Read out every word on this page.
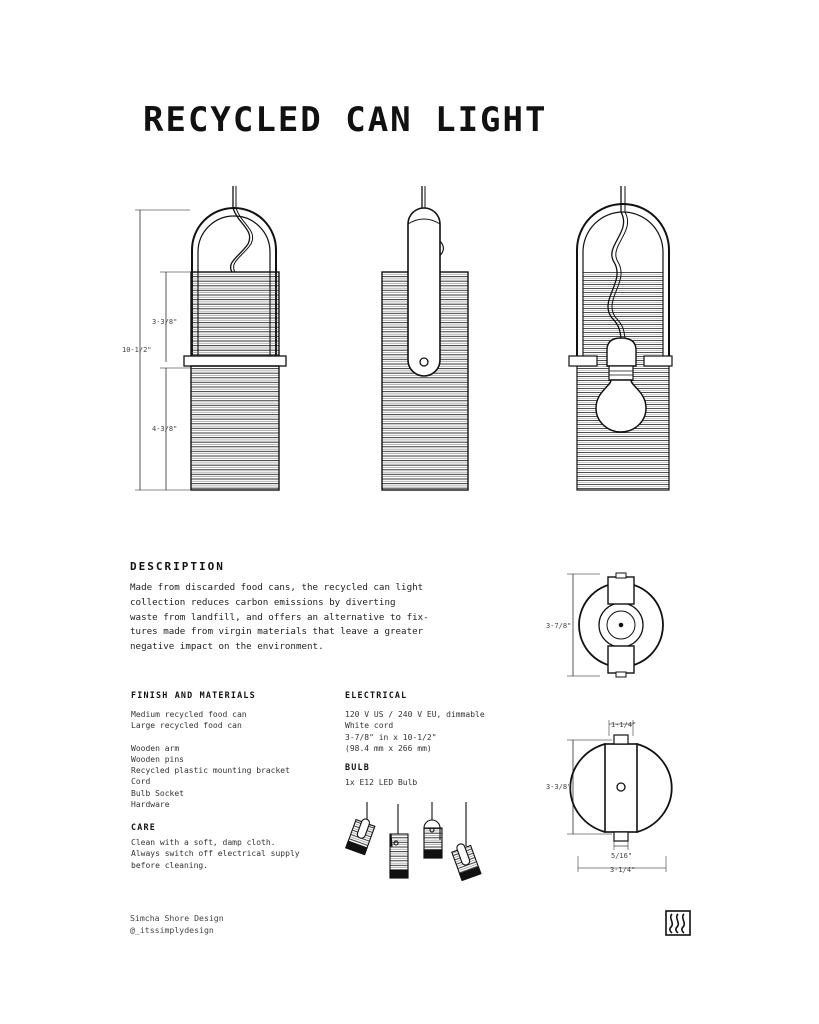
RECYCLED CAN LIGHT
10-1/2"
3-3/8"
4-3/8"
3-7/8"
3-3/8"
1-1/4"
5/16"
3-1/4"
DESCRIPTION
Made from discarded food cans, the recycled can light
collection reduces carbon emissions by diverting
waste from landfill, and offers an alternative to fix-
tures made from virgin materials that leave a greater
negative impact on the environment.
FINISH AND MATERIALS
Medium recycled food can
Large recycled food can
Wooden arm
Wooden pins
Recycled plastic mounting bracket
Cord
Bulb Socket
Hardware
CARE
Clean with a soft, damp cloth.
Always switch off electrical supply
before cleaning.
ELECTRICAL
120 V US / 240 V EU, dimmable
White cord
3-7/8" in x 10-1/2"
(98.4 mm x 266 mm)
BULB
1x E12 LED Bulb
Simcha Shore Design
@_itssimplydesign
